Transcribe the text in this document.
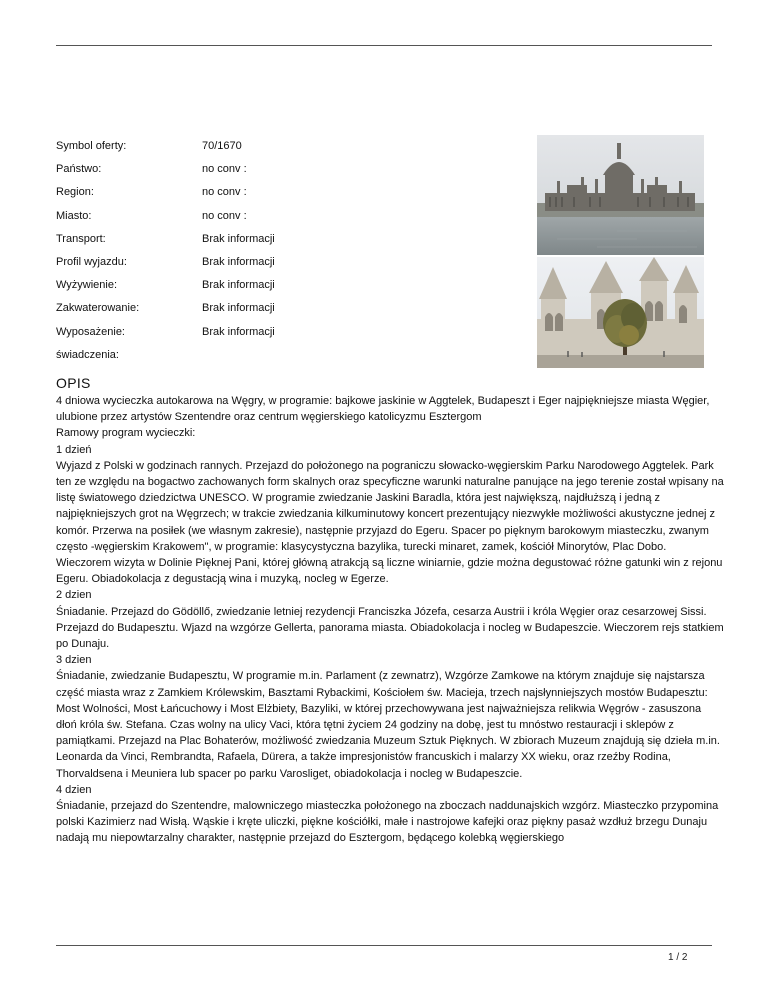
Symbol oferty:	70/1670
Państwo:	no conv :
Region:	no conv :
Miasto:	no conv :
Transport:	Brak informacji
Profil wyjazdu:	Brak informacji
Wyżywienie:	Brak informacji
Zakwaterowanie:	Brak informacji
Wyposażenie:	Brak informacji
świadczenia:
OPIS

4 dniowa wycieczka autokarowa na Węgry, w programie: bajkowe jaskinie w Aggtelek, Budapeszt i Eger najpiękniejsze miasta Węgier, ulubione przez artystów Szentendre oraz centrum węgierskiego katolicyzmu Esztergom

Ramowy program wycieczki:

1 dzień

Wyjazd z Polski w godzinach rannych. Przejazd do położonego na pograniczu słowacko-węgierskim Parku Narodowego Aggtelek. Park ten ze względu na bogactwo zachowanych form skalnych oraz specyficzne warunki naturalne panujące na jego terenie został wpisany na listę światowego dziedzictwa UNESCO. W programie zwiedzanie Jaskini Baradla, która jest największą, najdłuższą i jedną z najpiękniejszych grot na Węgrzech; w trakcie zwiedzania kilkuminutowy koncert prezentujący niezwykłe możliwości akustyczne jednej z komór. Przerwa na posiłek (we własnym zakresie), następnie przyjazd do Egeru. Spacer po pięknym barokowym miasteczku, zwanym często -węgierskim Krakowem", w programie: klasycystyczna bazylika, turecki minaret, zamek, kościół Minorytów, Plac Dobo. Wieczorem wizyta w Dolinie Pięknej Pani, której główną atrakcją są liczne winiarnie, gdzie można degustować różne gatunki win z rejonu Egeru. Obiadokolacja z degustacją wina i muzyką, nocleg w Egerze.

2 dzien

Śniadanie. Przejazd do Gödöllő, zwiedzanie letniej rezydencji Franciszka Józefa, cesarza Austrii i króla Węgier oraz cesarzowej Sissi. Przejazd do Budapesztu. Wjazd na wzgórze Gellerta, panorama miasta. Obiadokolacja i nocleg w Budapeszcie. Wieczorem rejs statkiem po Dunaju.

3 dzien

Śniadanie, zwiedzanie Budapesztu, W programie m.in. Parlament (z zewnatrz), Wzgórze Zamkowe na którym znajduje się najstarsza część miasta wraz z Zamkiem Królewskim, Basztami Rybackimi, Kościołem św. Macieja, trzech najsłynniejszych mostów Budapesztu: Most Wolności, Most Łańcuchowy i Most Elżbiety, Bazyliki, w której przechowywana jest najważniejsza relikwia Węgrów - zasuszona dłoń króla św. Stefana. Czas wolny na ulicy Vaci, która tętni życiem 24 godziny na dobę, jest tu mnóstwo restauracji i sklepów z pamiątkami. Przejazd na Plac Bohaterów, możliwość zwiedzania Muzeum Sztuk Pięknych. W zbiorach Muzeum znajdują się dzieła m.in. Leonarda da Vinci, Rembrandta, Rafaela, Dürera, a także impresjonistów francuskich i malarzy XX wieku, oraz rzeźby Rodina, Thorvaldsena i Meuniera lub spacer po parku Varosliget, obiadokolacja i nocleg w Budapeszcie.

4 dzien

Śniadanie, przejazd do Szentendre, malowniczego miasteczka położonego na zboczach naddunajskich wzgórz. Miasteczko przypomina polski Kazimierz nad Wisłą. Wąskie i kręte uliczki, piękne kościółki, małe i nastrojowe kafejki oraz piękny pasaż wzdłuż brzegu Dunaju nadają mu niepowtarzalny charakter, następnie przejazd do Esztergom, będącego kolebką węgierskiego

1 / 2
